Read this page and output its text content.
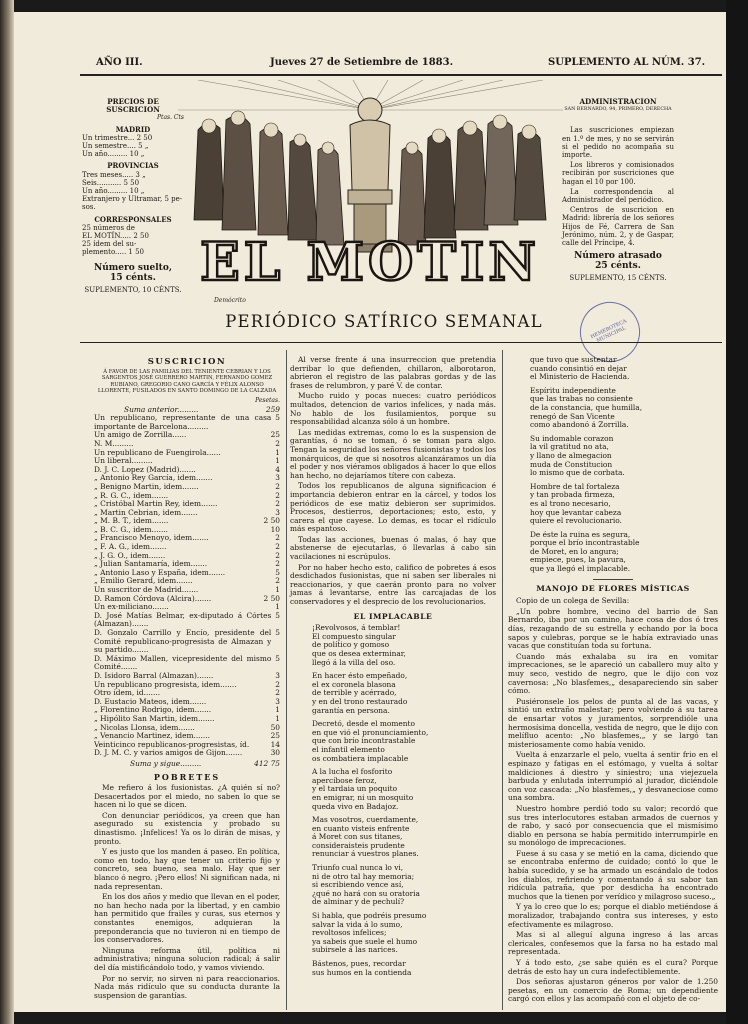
AÑO III.	Jueves 27 de Setiembre de 1883.	SUPLEMENTO AL NÚM. 37.
PRECIOS DE SUSCRICION
Ptas. Cts
MADRID
Un trimestre... 2 50
Un semestre.... 5 „
Un año......... 10 „
PROVINCIAS
Tres meses..... 3 „
Seis........... 5 50
Un año......... 10 „
Extranjero y Ultramar, 5 pe-
sos.
CORRESPONSALES
25 números de
EL MOTÍN..... 2 50
25 ídem del su-
plemento..... 1 50
Número suelto,
15 cénts.
SUPLEMENTO, 10 CÉNTS.
ADMINISTRACION
SAN BERNARDO, 94, PRIMERO, DERECHA

Las suscriciones empiezan en 1.º de mes, y no se servirán si el pedido no acompaña su importe.

Los libreros y comisionados recibirán por suscriciones que hagan el 10 por 100.

La correspondencia al Administrador del periódico.

Centros de suscricion en Madrid: librería de los señores Hijos de Fé, Carrera de San Jerónimo, núm. 2, y de Gaspar, calle del Príncipe, 4.

Número atrasado
25 cénts.
SUPLEMENTO, 15 CÉNTS.
EL MOTIN
Demócrito
PERIÓDICO SATÍRICO SEMANAL	HEMEROTECA MUNICIPAL
SUSCRICION
Á FAVOR DE LAS FAMILIAS DEL TENIENTE CEBRIAN Y LOS SARGENTOS JOSÉ GUERRERO MARTIN, FERNANDO GOMEZ RUBIANO, GREGORIO CANO GARCÍA Y FÉLIX ALONSO LLORENTE, FUSILADOS EN SANTO DOMINGO DE LA CALZADA
Pesetas.
Suma anterior.........	259
Un republicano, representante de una casa importante de Barcelona.........
5
Un amigo de Zorrilla......	25
N. M.........	2
Un republicano de Fuengirola......	1
Un liberal.........	1
D. J. C. Lopez (Madrid).......	4
„ Antonio Rey García, idem.......	3
„ Benigno Martin, idem.......	2
„ R. G. C., idem.......	2
„ Cristóbal Martin Rey, idem.......	2
„ Martin Cebrian, idem.......	3
„ M. B. T., idem.......	2 50
„ B. C. G., idem.......	10
„ Francisco Menoyo, idem.......	2
„ F. A. G., idem.......	2
„ J. G. O., idem.......	2
„ Julian Santamaría, idem.......	2
„ Antonio Laso y España, idem.......	5
„ Emilio Gerard, idem.......	2
Un suscritor de Madrid.......	1
D. Ramon Córdova (Alcira).......	2 50
Un ex-miliciano.......	1
D. José Matías Belmar, ex-diputado á Córtes (Almazan).......
5
D. Gonzalo Carrillo y Encío, presidente del Comité republicano-progresista de Almazan y su partido.......
5
D. Máximo Mallen, vicepresidente del mismo Comité.......
5
D. Isidoro Barral (Almazan).......	3
Un republicano progresista, idem.......	2
Otro ídem, id.......	2
D. Eustacio Mateos, idem.......	3
„ Florentino Rodrigo, idem.......	1
„ Hipólito San Martin, idem.......	1
„ Nicolas Llonsa, idem.......	50
„ Venancio Martinez, idem.......	25
Veinticinco republicanos-progresistas, íd.	14
D. J. M. C. y varios amigos de Gijon.......	30
Suma y sigue.........	412 75
POBRETES

Me refiero á los fusionistas. ¿A quién sí no? Desacertados por el miedo, no saben lo que se hacen ni lo que se dicen.

Con denunciar periódicos, ya creen que han asegurado su existencia y probado su dinastismo. ¡Infelices! Ya os lo dirán de misas, y pronto.

Y es justo que los manden á paseo. En política, como en todo, hay que tener un criterio fijo y concreto, sea bueno, sea malo. Hay que ser blanco ó negro. ¡Pero ellos! Ni significan nada, ni nada representan.

En los dos años y medio que llevan en el poder, no han hecho nada por la libertad, y en cambio han permitido que frailes y curas, sus eternos y constantes enemigos, adquieran la preponderancia que no tuvieron ni en tiempo de los conservadores.

Ninguna reforma útil, política ni administrativa; ninguna solucion radical; á salir del día mistificándolo todo, y vamos viviendo.

Por no servir, no sirven ni para reaccionarios. Nada más ridículo que su conducta durante la suspension de garantías.

Al verse frente á una insurreccion que pretendia derribar lo que defienden, chillaron, alborotaron, abrieron el registro de las palabras gordas y de las frases de relumbron, y paré V. de contar.

Mucho ruido y pocas nueces: cuatro periódicos multados, detencion de varios infelices, y nada más. No hablo de los fusilamientos, porque su responsabilidad alcanza sólo á un hombre.

Las medidas extremas, como lo es la suspension de garantías, ó no se toman, ó se toman para algo. Tengan la seguridad los señores fusionistas y todos los monárquicos, de que si nosotros alcanzáramos un día el poder y nos viéramos obligados á hacer lo que ellos han hecho, no dejaríamos títere con cabeza.

Todos los republicanos de alguna significacion é importancia debieron entrar en la cárcel, y todos los periódicos de ese matiz debieron ser suprimidos. Procesos, destierros, deportaciones; esto, esto, y carera el que cayese. Lo demas, es tocar el ridículo más espantoso.

Todas las acciones, buenas ó malas, ó hay que abstenerse de ejecutarlas, ó llevarlas á cabo sin vacilaciones ni escrúpulos.

Por no haber hecho esto, califico de pobretes á esos desdichados fusionistas, que ni saben ser liberales ni reaccionarios, y que caerán pronto para no volver jamas á levantarse, entre las carcajadas de los conservadores y el desprecio de los revolucionarios.

EL IMPLACABLE
¡Revolvosos, á temblar!
El compuesto singular
de político y gomoso
que os desea exterminar,
llegó á la villa del oso.
En hacer ésto empeñado,
el ex coronela blasona
de terrible y acérrado,
y en del trono restaurado
garantía en persona.
Decretó, desde el momento
en que vió el pronunciamiento,
que con brío incontrastable
el infantil elemento
os combatiera implacable
A la lucha el fosforito
apercíbose feroz,
y el tardaia un poquito
en emigrar, ni un mosquito
queda vivo en Badajoz.
Mas vosotros, cuerdamente,
en cuanto visteis enfrente
á Moret con sus titanes,
consideraisteis prudente
renunciar á vuestros planes.
Triunfo cual nunca lo vi,
ni de otro tal hay memoria;
si escribiendo vence así,
¿qué no hará con su oratoria
de alminar y de pechulí?
Si habla, que podréis presumo
salvar la vida á lo sumo,
revoltosos infelices;
ya sabeis que suele el humo
subirsele á las narices.
Bástenos, pues, recordar
sus humos en la contienda
que tuvo que sustentar
cuando consintió en dejar
el Ministerio de Hacienda.
Espíritu independiente
que las trabas no consiente
de la constancia, que humilla,
renegó de San Vicente
como abandonó á Zorrilla.
Su indomable corazon
la vil gratitud no ata,
y llano de almegacion
muda de Constitucion
lo mismo que de corbata.
Hombre de tal fortaleza
y tan probada firmeza,
es al trono necesario,
hoy que levantar cabeza
quiere el revolucionario.
De éste la ruina es segura,
porque el brío incontrastable
de Moret, en lo angura;
empiece, pues, la pavura,
que ya llegó el implacable.
MANOJO DE FLORES MÍSTICAS

Copio de un colega de Sevilla:

„Un pobre hombre, vecino del barrio de San Bernardo, iba por un camino, hace cosa de dos ó tres días, rezagando de su estrella y echando por la boca sapos y culebras, porque se le había extraviado unas vacas que constituían toda su fortuna.

Cuando más exhalaba su ira en vomitar imprecaciones, se le apareció un caballero muy alto y muy seco, vestido de negro, que le dijo con voz cavernosa: „No blasfemes,„ desapareciendo sin saber cómo.

Pusiéronsele los pelos de punta al de las vacas, y sintió un extraño malestar; pero volviendo á su tarea de ensartar votos y juramentos, sorprendióle una hermosísima doncella, vestida de negro, que le dijo con melífluo acento: „No blasfemes,„ y se largó tan misteriosamente como había venido.

Vuelta á enzarzarle el pelo, vuelta á sentir frio en el espinazo y fatigas en el estómago, y vuelta á soltar maldiciones á diestro y siniestro; una viejezuela barbuda y enlutada interrumpió al jurador, diciéndole con voz cascada: „No blasfemes,„ y desvaneciose como una sombra.

Nuestro hombre perdió todo su valor; recordó que sus tres interlocutores estaban armados de cuernos y de rabo, y sacó por consecuencia que el mismísimo diablo en persona se había permitido interrumpirle en su monólogo de imprecaciones.

Fuese á su casa y se metió en la cama, diciendo que se encontraba enfermo de cuidado; contó lo que le había sucedido, y se ha armado un escándalo de todos los diablos, refiriendo y comentando á su sabor tan ridícula patraña, que por desdicha ha encontrado muchos que la tienen por verídico y milagroso suceso.„

Y ya lo creo que lo es; porque el diablo metiéndose á moralizador, trabajando contra sus intereses, y esto efectivamente es milagroso.

Mas si al alleguí alguna ingreso á las arcas clericales, confesemos que la farsa no ha estado mal representada.

Y á todo esto, ¿se sabe quién es el cura? Porque detrás de esto hay un cura indefectiblemente.

Dos señoras ajustaron géneros por valor de 1.250 pesetas, en un comercio de Roma; un dependiente cargó con ellos y las acompañó con el objeto de co-
